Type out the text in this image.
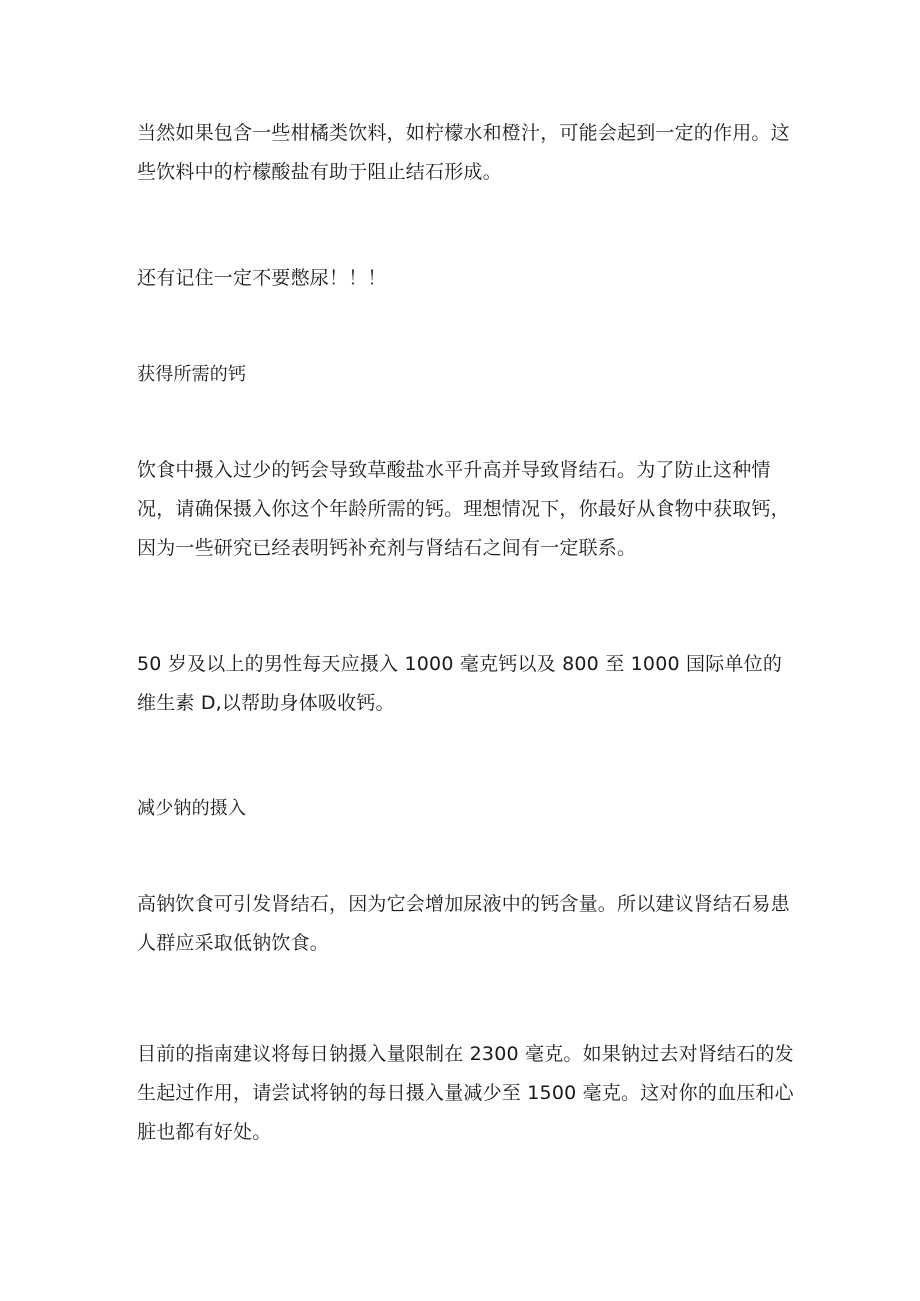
当然如果包含一些柑橘类饮料，如柠檬水和橙汁，可能会起到一定的作用。这些饮料中的柠檬酸盐有助于阻止结石形成。

还有记住一定不要憋尿！！！

获得所需的钙

饮食中摄入过少的钙会导致草酸盐水平升高并导致肾结石。为了防止这种情况，请确保摄入你这个年龄所需的钙。理想情况下，你最好从食物中获取钙，因为一些研究已经表明钙补充剂与肾结石之间有一定联系。

50 岁及以上的男性每天应摄入 1000 毫克钙以及 800 至 1000 国际单位的维生素 D,以帮助身体吸收钙。

减少钠的摄入

高钠饮食可引发肾结石，因为它会增加尿液中的钙含量。所以建议肾结石易患人群应采取低钠饮食。

目前的指南建议将每日钠摄入量限制在 2300 毫克。如果钠过去对肾结石的发生起过作用，请尝试将钠的每日摄入量减少至 1500 毫克。这对你的血压和心脏也都有好处。
